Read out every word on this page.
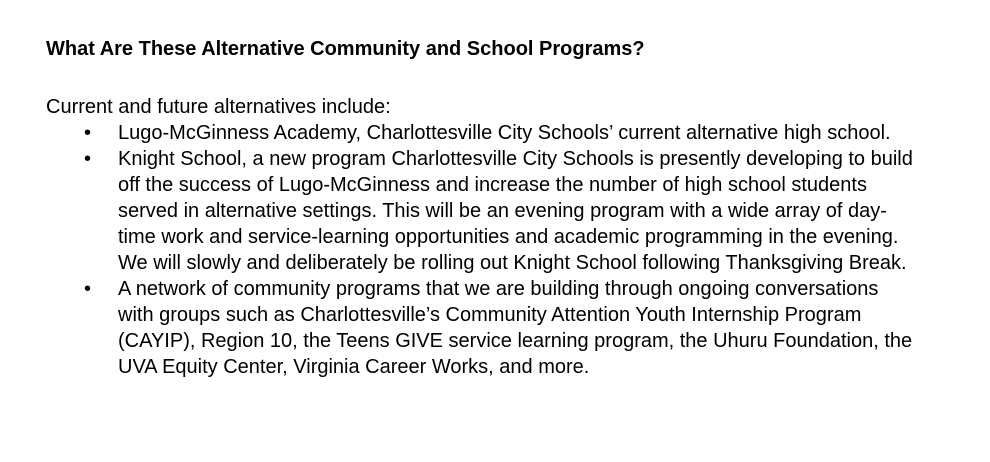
What Are These Alternative Community and School Programs?

Current and future alternatives include:

• Lugo-McGinness Academy, Charlottesville City Schools’ current alternative high school.
• Knight School, a new program Charlottesville City Schools is presently developing to build off the success of Lugo-McGinness and increase the number of high school students served in alternative settings. This will be an evening program with a wide array of day-time work and service-learning opportunities and academic programming in the evening. We will slowly and deliberately be rolling out Knight School following Thanksgiving Break.
• A network of community programs that we are building through ongoing conversations with groups such as Charlottesville’s Community Attention Youth Internship Program (CAYIP), Region 10, the Teens GIVE service learning program, the Uhuru Foundation, the UVA Equity Center, Virginia Career Works, and more.
